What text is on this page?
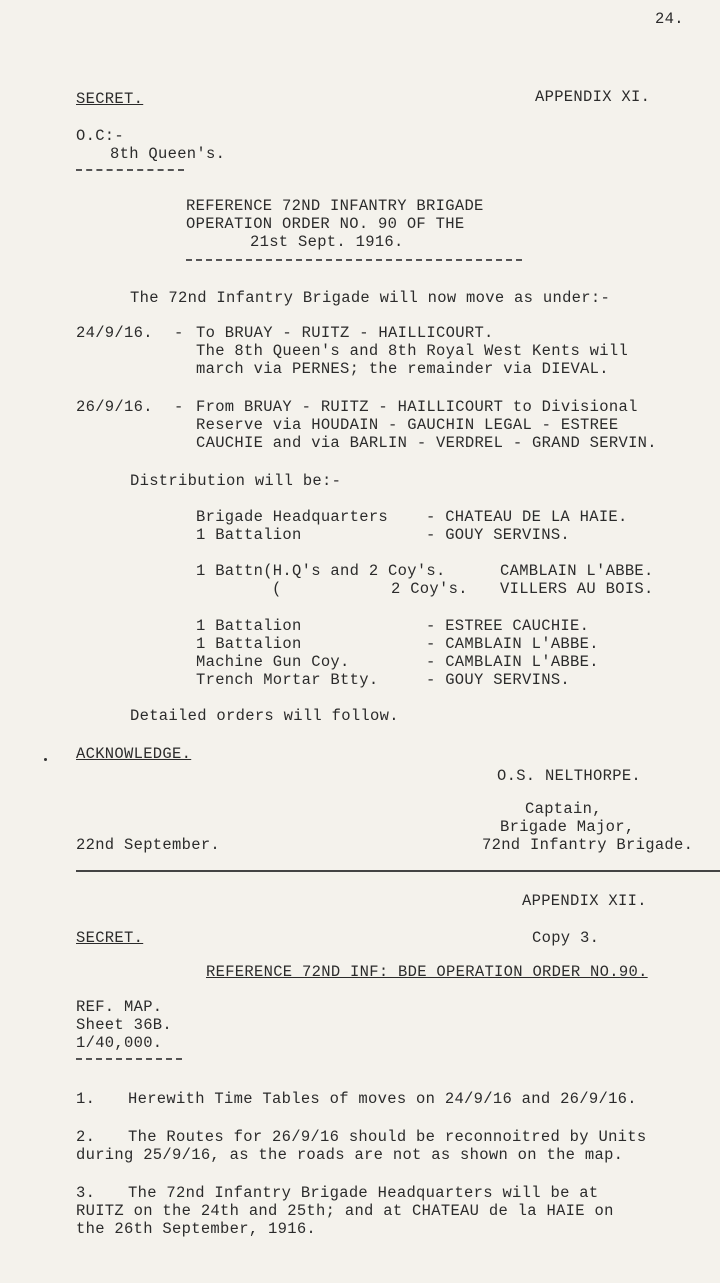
24.
SECRET.	APPENDIX XI.
O.C:-
8th Queen's.
REFERENCE 72ND INFANTRY BRIGADE
OPERATION ORDER NO. 90 OF THE
21st Sept. 1916.
The 72nd Infantry Brigade will now move as under:-
24/9/16. - To BRUAY - RUITZ - HAILLICOURT.
The 8th Queen's and 8th Royal West Kents will
march via PERNES; the remainder via DIEVAL.
26/9/16. - From BRUAY - RUITZ - HAILLICOURT to Divisional
Reserve via HOUDAIN - GAUCHIN LEGAL - ESTREE
CAUCHIE and via BARLIN - VERDREL - GRAND SERVIN.
Distribution will be:-
Brigade Headquarters - CHATEAU DE LA HAIE.
1 Battalion	- GOUY SERVINS.
1 Battn(H.Q's and 2 Coy's.	CAMBLAIN L'ABBE.
(	2 Coy's. VILLERS AU BOIS.
1 Battalion	- ESTREE CAUCHIE.
1 Battalion	- CAMBLAIN L'ABBE.
Machine Gun Coy.	- CAMBLAIN L'ABBE.
Trench Mortar Btty.	- GOUY SERVINS.
Detailed orders will follow.
ACKNOWLEDGE.
O.S. NELTHORPE.
Captain,
Brigade Major,
72nd Infantry Brigade.
22nd September.
APPENDIX XII.
SECRET.	Copy 3.
REFERENCE 72ND INF: BDE OPERATION ORDER NO.90.
REF. MAP.
Sheet 36B.
1/40,000.
1. Herewith Time Tables of moves on 24/9/16 and 26/9/16.
2. The Routes for 26/9/16 should be reconnoitred by Units
during 25/9/16, as the roads are not as shown on the map.
3. The 72nd Infantry Brigade Headquarters will be at
RUITZ on the 24th and 25th; and at CHATEAU de la HAIE on
the 26th September, 1916.
